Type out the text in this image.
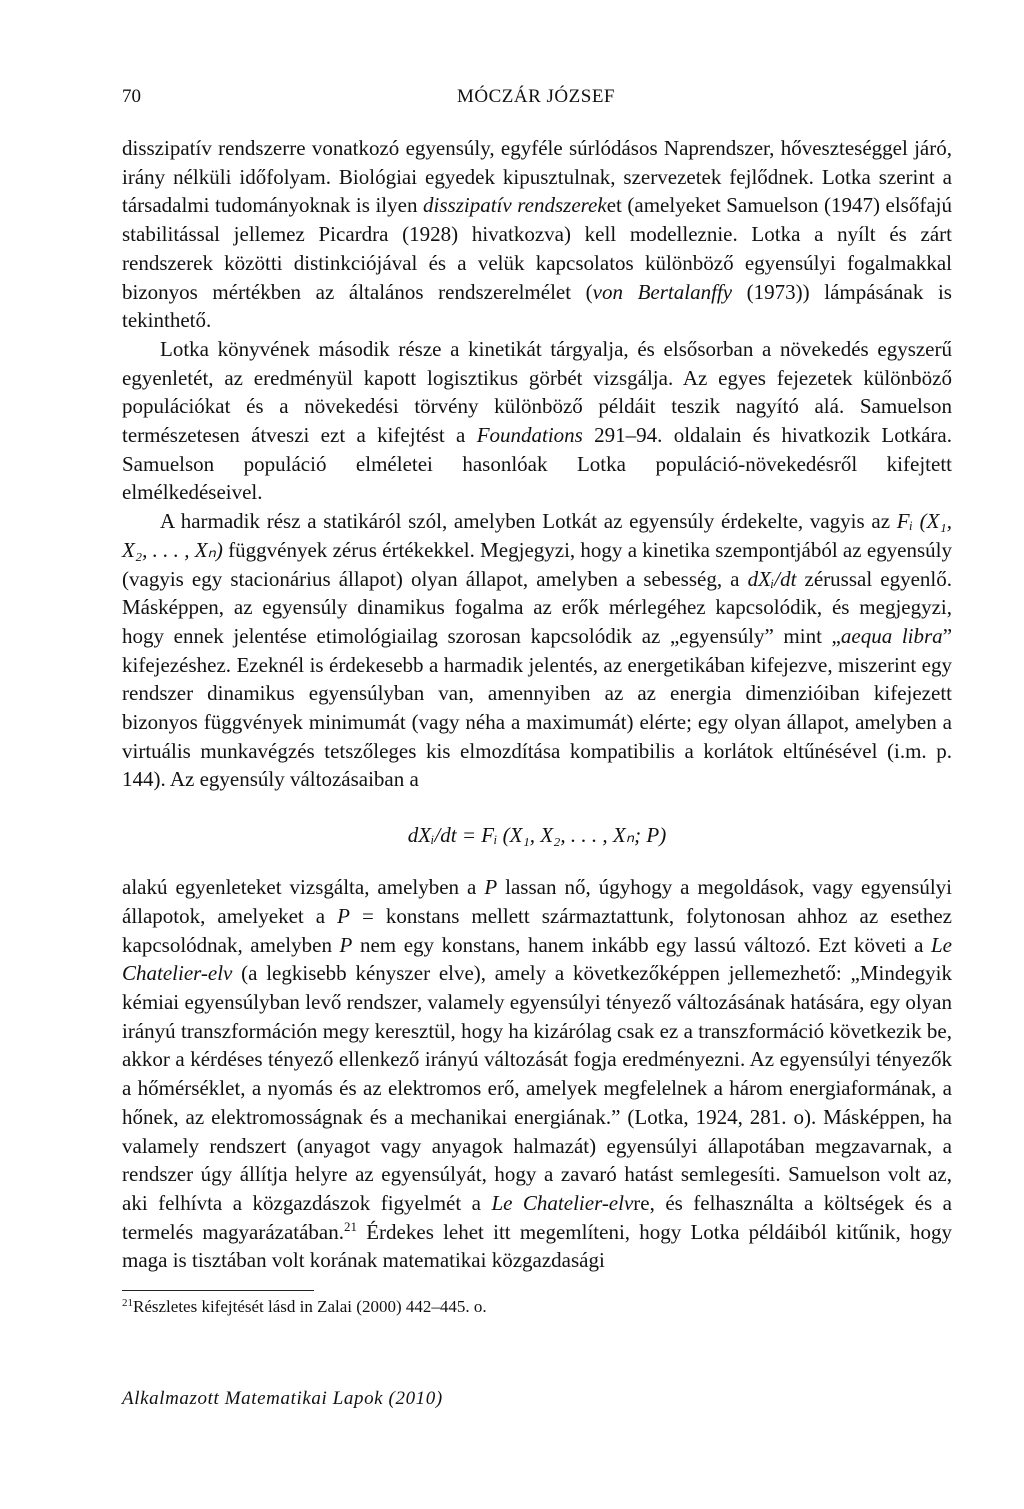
70	MÓCZÁR JÓZSEF

disszipatív rendszerre vonatkozó egyensúly, egyféle súrlódásos Naprendszer, hőveszteséggel járó, irány nélküli időfolyam. Biológiai egyedek kipusztulnak, szervezetek fejlődnek. Lotka szerint a társadalmi tudományoknak is ilyen disszipatív rendszereket (amelyeket Samuelson (1947) elsőfajú stabilitással jellemez Picardra (1928) hivatkozva) kell modelleznie. Lotka a nyílt és zárt rendszerek közötti distinkciójával és a velük kapcsolatos különböző egyensúlyi fogalmakkal bizonyos mértékben az általános rendszerelmélet (von Bertalanffy (1973)) lámpásának is tekinthető.

Lotka könyvének második része a kinetikát tárgyalja, és elsősorban a növekedés egyszerű egyenletét, az eredményül kapott logisztikus görbét vizsgálja. Az egyes fejezetek különböző populációkat és a növekedési törvény különböző példáit teszik nagyító alá. Samuelson természetesen átveszi ezt a kifejtést a Foundations 291–94. oldalain és hivatkozik Lotkára. Samuelson populáció elméletei hasonlóak Lotka populáció-növekedésről kifejtett elmélkedéseivel.

A harmadik rész a statikáról szól, amelyben Lotkát az egyensúly érdekelte, vagyis az Fᵢ (X₁, X₂, . . . , Xₙ) függvények zérus értékekkel. Megjegyzi, hogy a kinetika szempontjából az egyensúly (vagyis egy stacionárius állapot) olyan állapot, amelyben a sebesség, a dXᵢ/dt zérussal egyenlő. Másképpen, az egyensúly dinamikus fogalma az erők mérlegéhez kapcsolódik, és megjegyzi, hogy ennek jelentése etimológiailag szorosan kapcsolódik az „egyensúly” mint „aequa libra” kifejezéshez. Ezeknél is érdekesebb a harmadik jelentés, az energetikában kifejezve, miszerint egy rendszer dinamikus egyensúlyban van, amennyiben az az energia dimenzióiban kifejezett bizonyos függvények minimumát (vagy néha a maximumát) elérte; egy olyan állapot, amelyben a virtuális munkavégzés tetszőleges kis elmozdítása kompatibilis a korlátok eltűnésével (i.m. p. 144). Az egyensúly változásaiban a

dXᵢ/dt = Fᵢ (X₁, X₂, . . . , Xₙ; P)

alakú egyenleteket vizsgálta, amelyben a P lassan nő, úgyhogy a megoldások, vagy egyensúlyi állapotok, amelyeket a P = konstans mellett származtattunk, folytonosan ahhoz az esethez kapcsolódnak, amelyben P nem egy konstans, hanem inkább egy lassú változó. Ezt követi a Le Chatelier-elv (a legkisebb kényszer elve), amely a következőképpen jellemezhető: „Mindegyik kémiai egyensúlyban levő rendszer, valamely egyensúlyi tényező változásának hatására, egy olyan irányú transzformáción megy keresztül, hogy ha kizárólag csak ez a transzformáció következik be, akkor a kérdéses tényező ellenkező irányú változását fogja eredményezni. Az egyensúlyi tényezők a hőmérséklet, a nyomás és az elektromos erő, amelyek megfelelnek a három energiaformának, a hőnek, az elektromosságnak és a mechanikai energiának.” (Lotka, 1924, 281. o). Másképpen, ha valamely rendszert (anyagot vagy anyagok halmazát) egyensúlyi állapotában megzavarnak, a rendszer úgy állítja helyre az egyensúlyát, hogy a zavaró hatást semlegesíti. Samuelson volt az, aki felhívta a közgazdászok figyelmét a Le Chatelier-elvre, és felhasználta a költségek és a termelés magyarázatában.$^{21}$ Érdekes lehet itt megemlíteni, hogy Lotka példáiból kitűnik, hogy maga is tisztában volt korának matematikai közgazdasági

$^{21}$Részletes kifejtését lásd in Zalai (2000) 442–445. o.
Alkalmazott Matematikai Lapok (2010)
